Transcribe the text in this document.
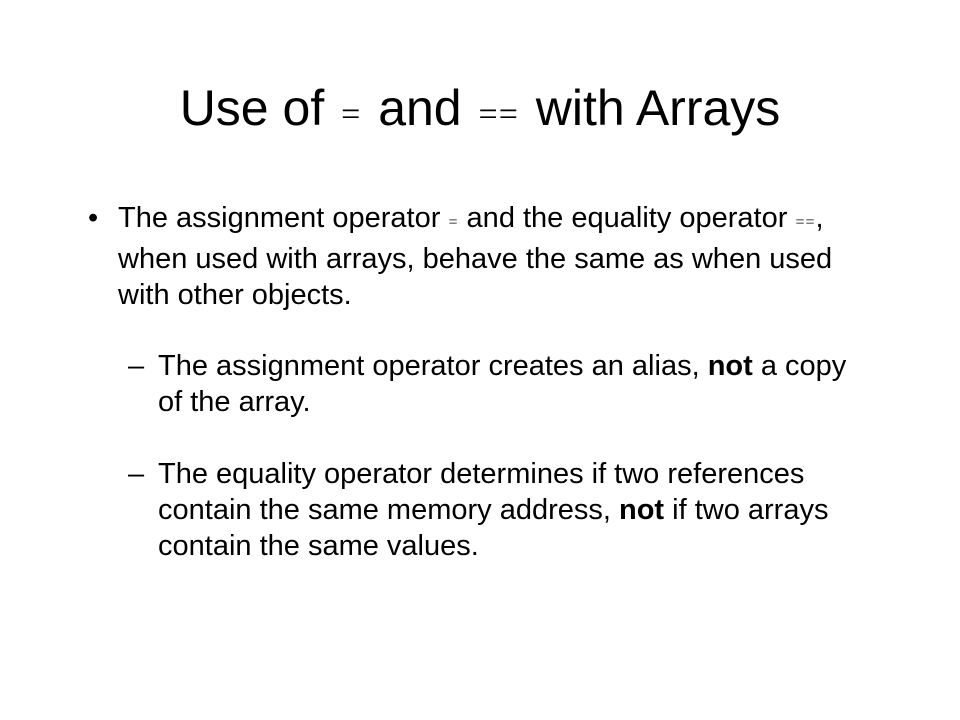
Use of = and == with Arrays
• The assignment operator = and the equality operator ==, when used with arrays, behave the same as when used with other objects.
– The assignment operator creates an alias, not a copy of the array.
– The equality operator determines if two references contain the same memory address, not if two arrays contain the same values.
